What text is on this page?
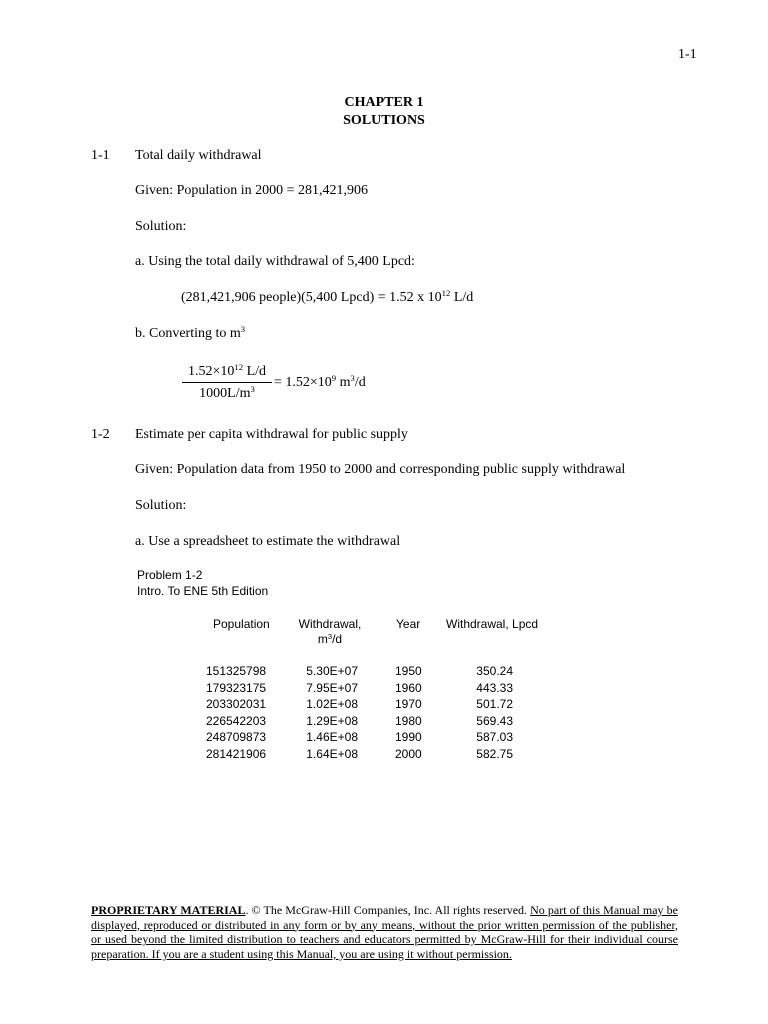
1-1
CHAPTER 1
SOLUTIONS
1-1 Total daily withdrawal
Given: Population in 2000 = 281,421,906
Solution:
a. Using the total daily withdrawal of 5,400 Lpcd:
(281,421,906 people)(5,400 Lpcd) = 1.52 x $10^{12}$ L/d
b. Converting to $m^3$
$1.52\times 10^{12}$ L/d
$1000L/m^3$	= $1.52\times 10^9$ $m^3/d$
1-2 Estimate per capita withdrawal for public supply
Given: Population data from 1950 to 2000 and corresponding public supply withdrawal
Solution:
a. Use a spreadsheet to estimate the withdrawal
Problem 1-2
Intro. To ENE 5th Edition
Population	Withdrawal,
$m^3/d$
Year Withdrawal, Lpcd
151325798
179323175
203302031
226542203
248709873
281421906
5.30E+07
7.95E+07
1.02E+08
1.29E+08
1.46E+08
1.64E+08
1950
1960
1970
1980
1990
2000
350.24
443.33
501.72
569.43
587.03
582.75
PROPRIETARY MATERIAL. © The McGraw-Hill Companies, Inc. All rights reserved. No part of this Manual may be displayed, reproduced or distributed in any form or by any means, without the prior written permission of the publisher, or used beyond the limited distribution to teachers and educators permitted by McGraw-Hill for their individual course preparation. If you are a student using this Manual, you are using it without permission.
